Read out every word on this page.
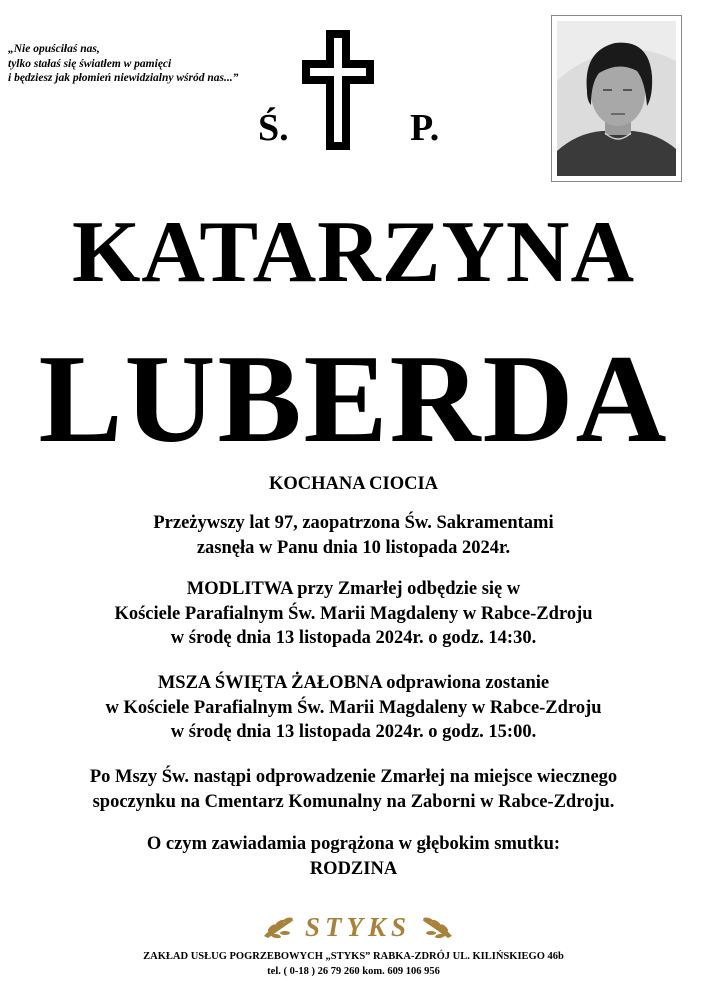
„Nie opuściłaś nas,
tylko stałaś się światłem w pamięci
i będziesz jak płomień niewidzialny wśród nas...”
Ś.	P.
KATARZYNA
LUBERDA
KOCHANA CIOCIA
Przeżywszy lat 97, zaopatrzona Św. Sakramentami
zasnęła w Panu dnia 10 listopada 2024r.
MODLITWA przy Zmarłej odbędzie się w
Kościele Parafialnym Św. Marii Magdaleny w Rabce-Zdroju
w środę dnia 13 listopada 2024r. o godz. 14:30.
MSZA ŚWIĘTA ŻAŁOBNA odprawiona zostanie
w Kościele Parafialnym Św. Marii Magdaleny w Rabce-Zdroju
w środę dnia 13 listopada 2024r. o godz. 15:00.
Po Mszy Św. nastąpi odprowadzenie Zmarłej na miejsce wiecznego
spoczynku na Cmentarz Komunalny na Zaborni w Rabce-Zdroju.
O czym zawiadamia pogrążona w głębokim smutku:
RODZINA
STYKS
ZAKŁAD USŁUG POGRZEBOWYCH „STYKS” RABKA-ZDRÓJ UL. KILIŃSKIEGO 46b
tel. ( 0-18 ) 26 79 260 kom. 609 106 956
